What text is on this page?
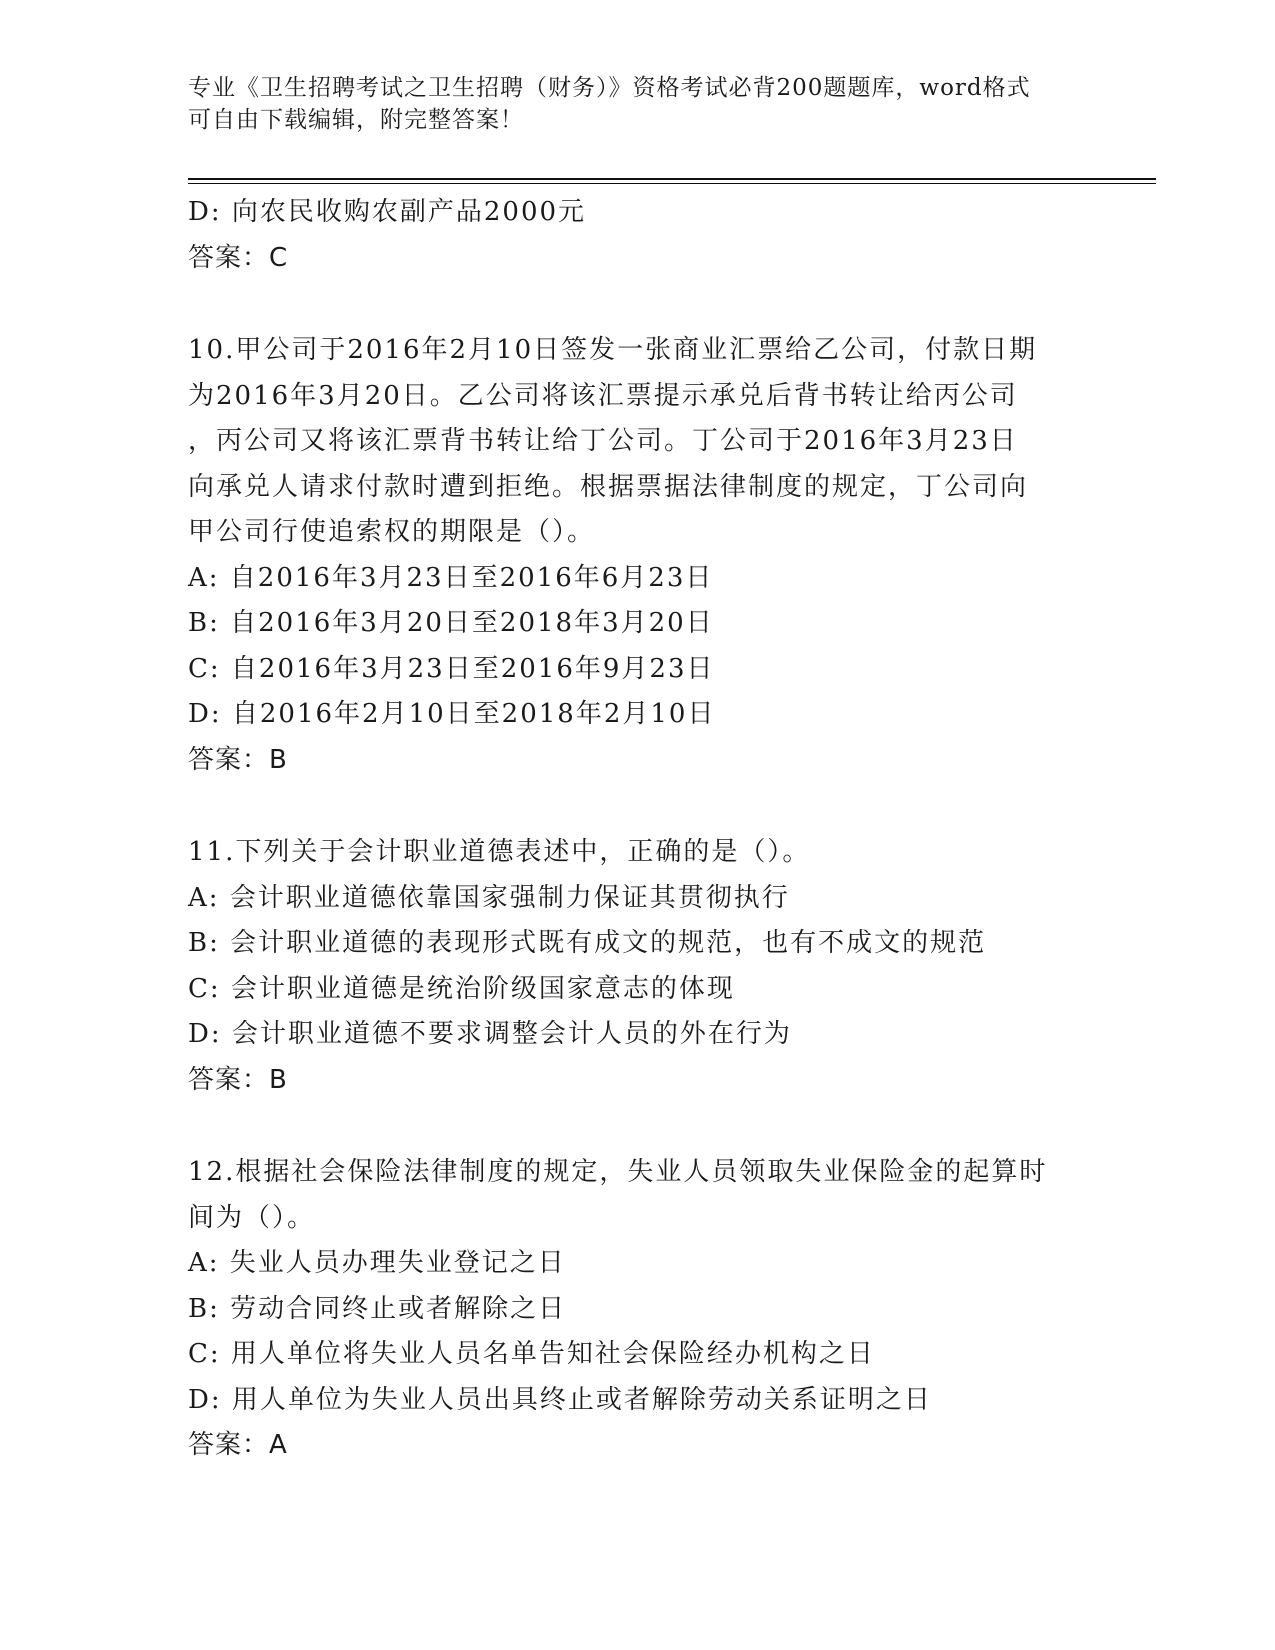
专业《卫生招聘考试之卫生招聘（财务）》资格考试必背200题题库，word格式

可自由下载编辑，附完整答案！

D: 向农民收购农副产品2000元

答案：C

10.甲公司于2016年2月10日签发一张商业汇票给乙公司，付款日期

为2016年3月20日。乙公司将该汇票提示承兑后背书转让给丙公司

，丙公司又将该汇票背书转让给丁公司。丁公司于2016年3月23日

向承兑人请求付款时遭到拒绝。根据票据法律制度的规定，丁公司向

甲公司行使追索权的期限是（）。

A: 自2016年3月23日至2016年6月23日

B: 自2016年3月20日至2018年3月20日

C: 自2016年3月23日至2016年9月23日

D: 自2016年2月10日至2018年2月10日

答案：B

11.下列关于会计职业道德表述中，正确的是（）。

A: 会计职业道德依靠国家强制力保证其贯彻执行

B: 会计职业道德的表现形式既有成文的规范，也有不成文的规范

C: 会计职业道德是统治阶级国家意志的体现

D: 会计职业道德不要求调整会计人员的外在行为

答案：B

12.根据社会保险法律制度的规定，失业人员领取失业保险金的起算时

间为（）。

A: 失业人员办理失业登记之日

B: 劳动合同终止或者解除之日

C: 用人单位将失业人员名单告知社会保险经办机构之日

D: 用人单位为失业人员出具终止或者解除劳动关系证明之日

答案：A
